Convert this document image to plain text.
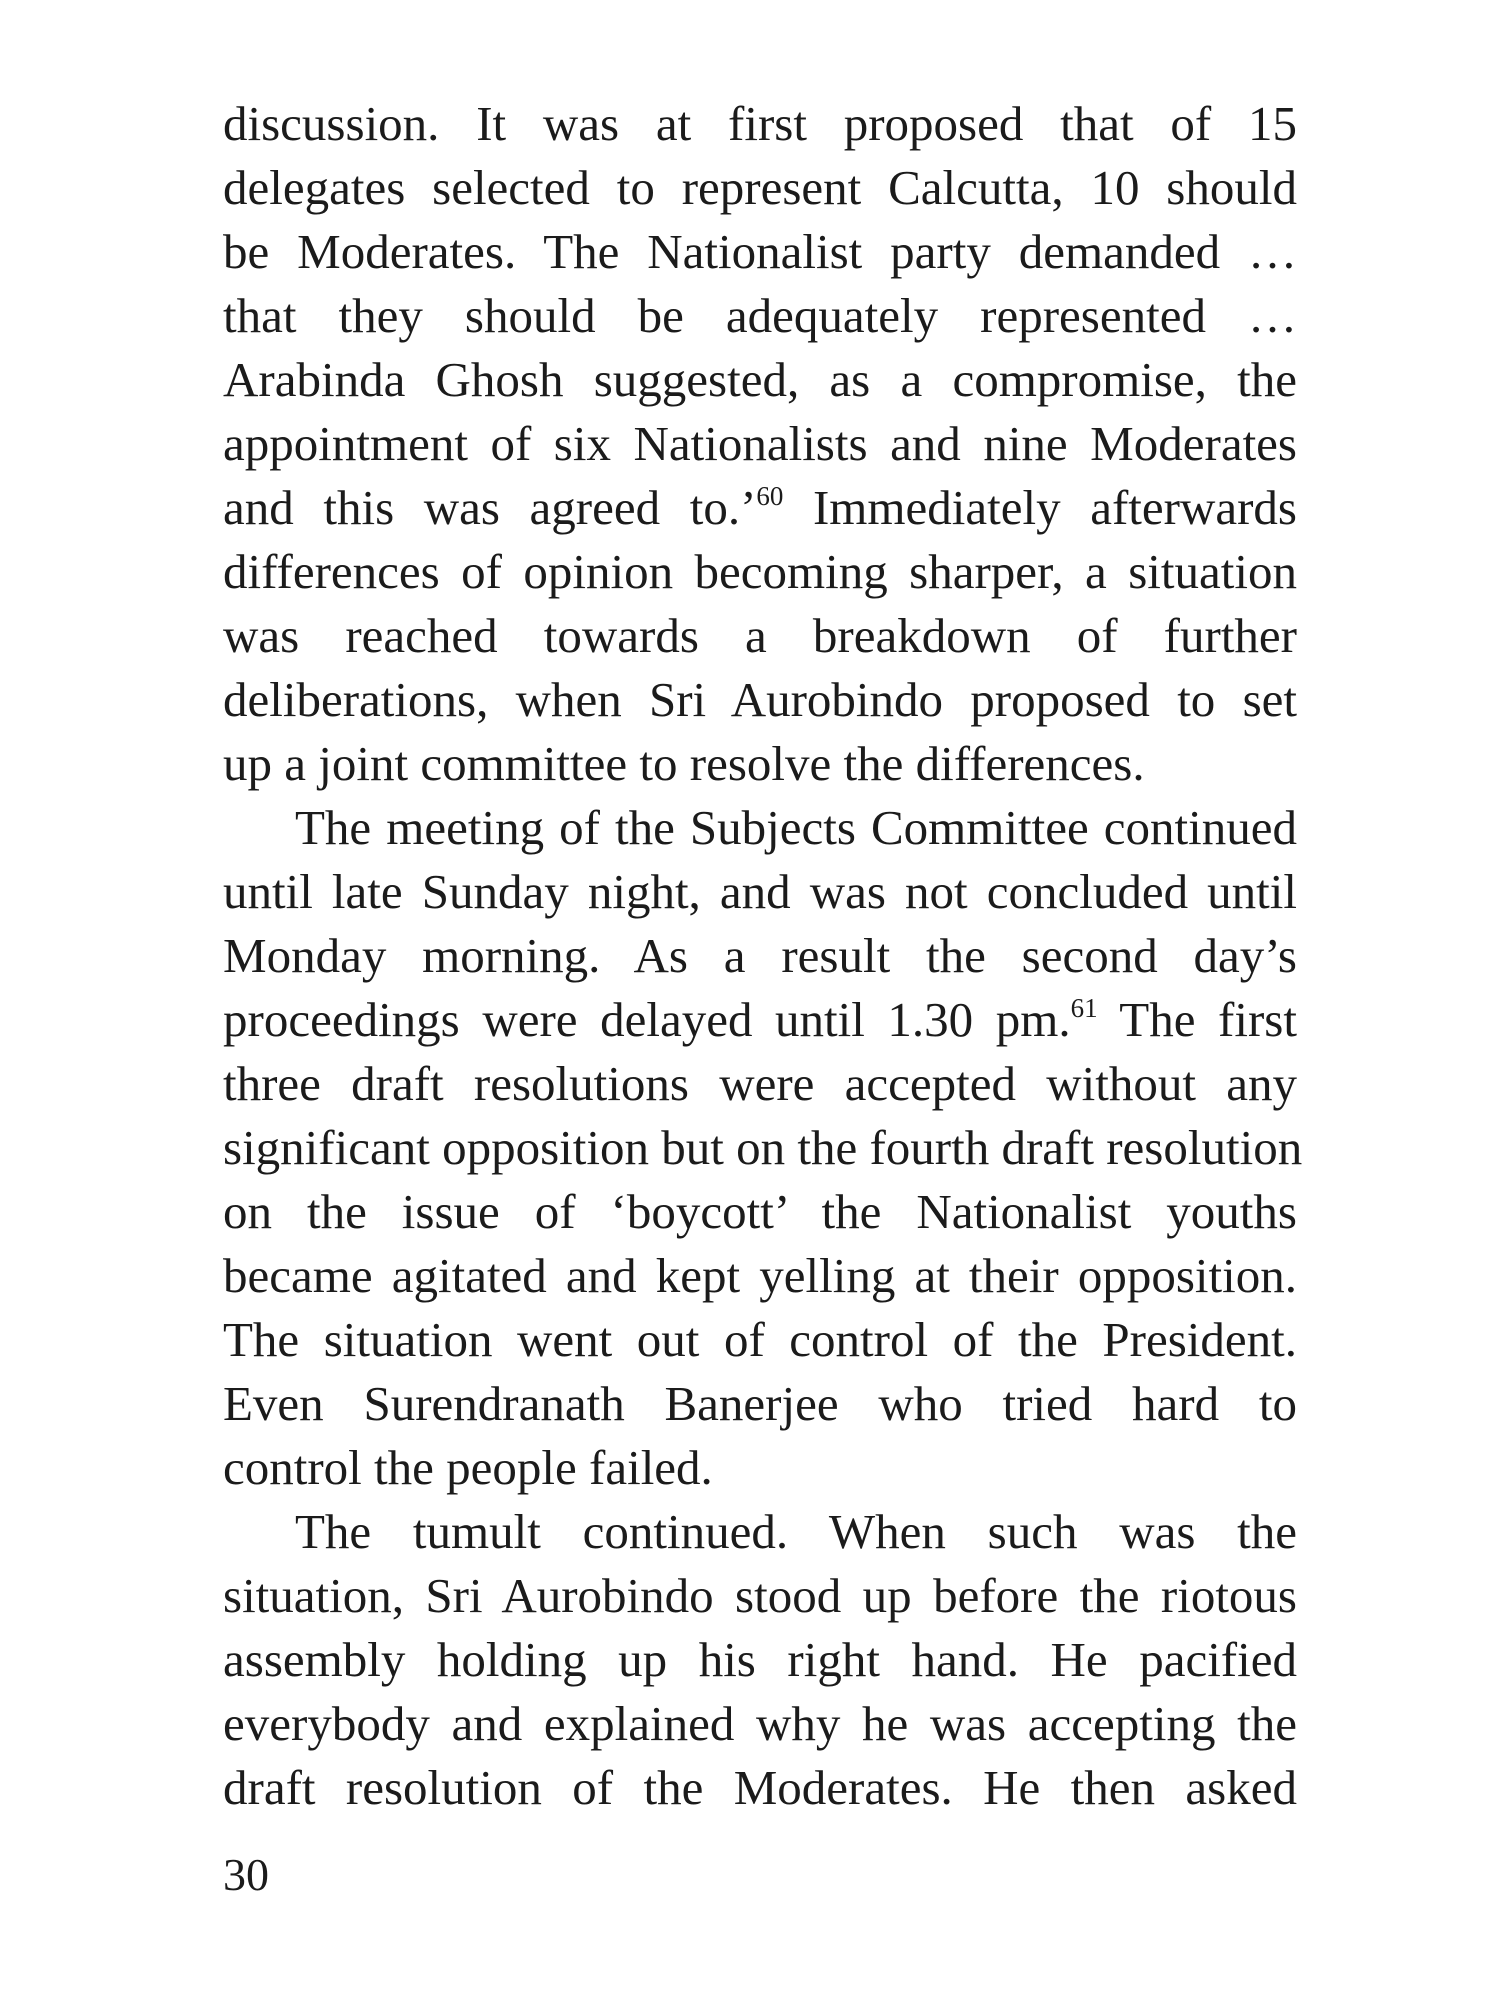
discussion. It was at first proposed that of 15
delegates selected to represent Calcutta, 10 should
be Moderates. The Nationalist party demanded …
that they should be adequately represented …
Arabinda Ghosh suggested, as a compromise, the
appointment of six Nationalists and nine Moderates
and this was agreed to.’$^{60}$ Immediately afterwards
differences of opinion becoming sharper, a situation
was reached towards a breakdown of further
deliberations, when Sri Aurobindo proposed to set
up a joint committee to resolve the differences.
The meeting of the Subjects Committee continued
until late Sunday night, and was not concluded until
Monday morning. As a result the second day’s
proceedings were delayed until 1.30 pm.$^{61}$ The first
three draft resolutions were accepted without any
significant opposition but on the fourth draft resolution
on the issue of ‘boycott’ the Nationalist youths
became agitated and kept yelling at their opposition.
The situation went out of control of the President.
Even Surendranath Banerjee who tried hard to
control the people failed.
The tumult continued. When such was the
situation, Sri Aurobindo stood up before the riotous
assembly holding up his right hand. He pacified
everybody and explained why he was accepting the
draft resolution of the Moderates. He then asked
30
